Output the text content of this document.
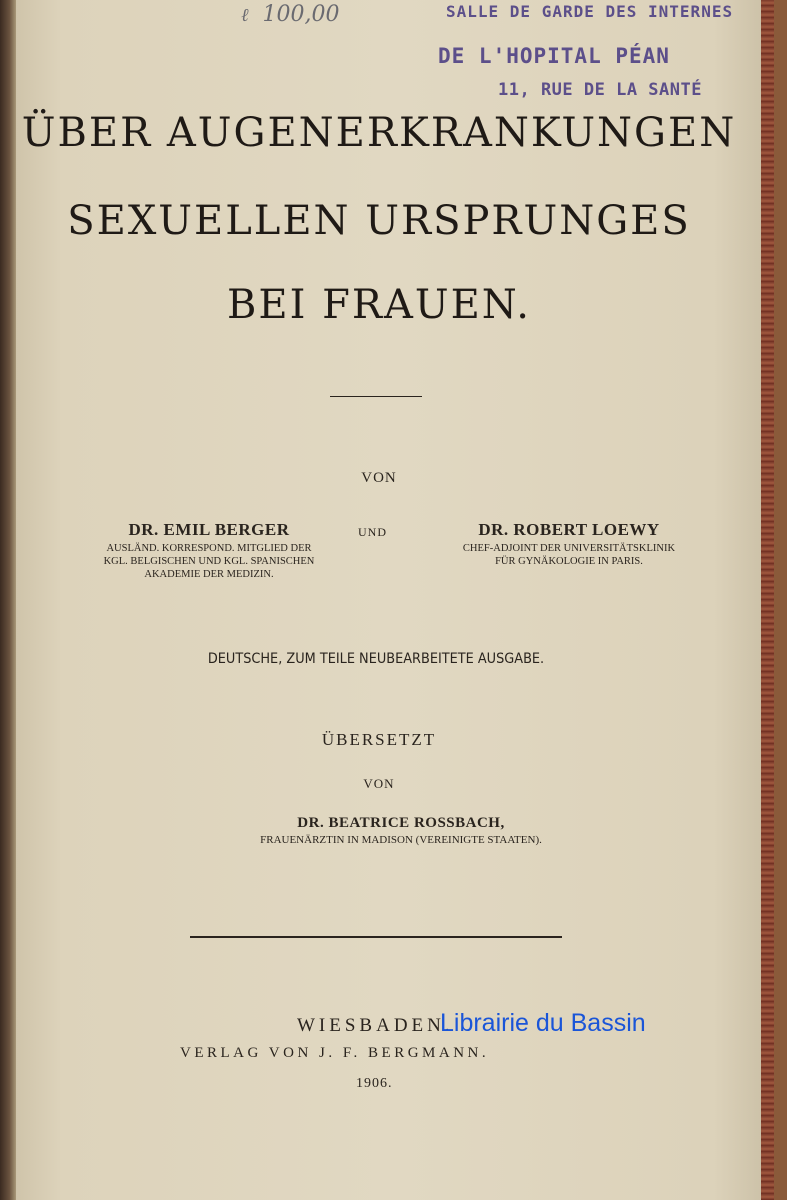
ℓ 100,00	SALLE DE GARDE DES INTERNES
DE L'HOPITAL PÉAN
11, RUE DE LA SANTÉ
ÜBER AUGENERKRANKUNGEN
SEXUELLEN URSPRUNGES
BEI FRAUEN.
VON
DR. EMIL BERGER
AUSLÄND. KORRESPOND. MITGLIED DER
KGL. BELGISCHEN UND KGL. SPANISCHEN
AKADEMIE DER MEDIZIN.
UND	DR. ROBERT LOEWY
CHEF-ADJOINT DER UNIVERSITÄTSKLINIK
FÜR GYNÄKOLOGIE IN PARIS.
DEUTSCHE, ZUM TEILE NEUBEARBEITETE AUSGABE.
ÜBERSETZT
VON
DR. BEATRICE ROSSBACH,
FRAUENÄRZTIN IN MADISON (VEREINIGTE STAATEN).
WIESBADEN.
VERLAG VON J. F. BERGMANN.
1906.
Librairie du Bassin
